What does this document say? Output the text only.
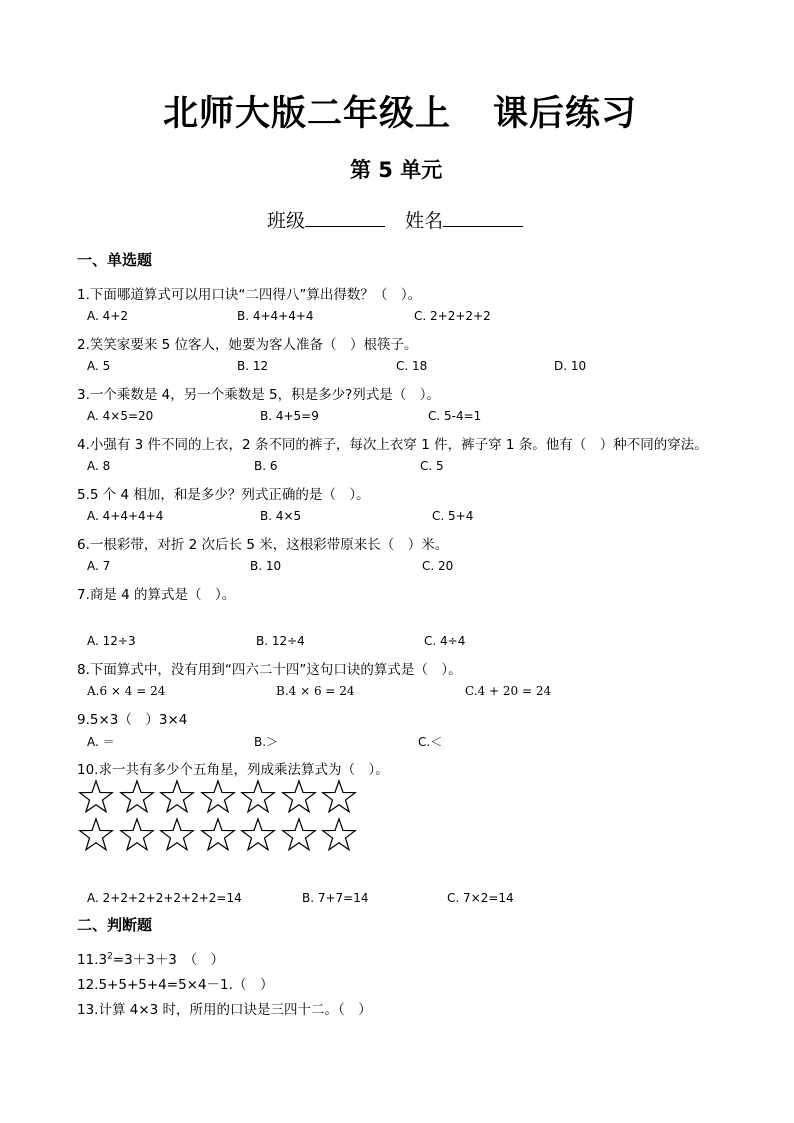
北师大版二年级上 课后练习
第 5 单元
班级	姓名
一、单选题
1.下面哪道算式可以用口诀“二四得八”算出得数？（　）。
A. 4+2	B. 4+4+4+4	C. 2+2+2+2
2.笑笑家要来 5 位客人，她要为客人准备（　）根筷子。
A. 5	B. 12	C. 18	D. 10
3.一个乘数是 4，另一个乘数是 5，积是多少?列式是（　）。
A. 4×5=20	B. 4+5=9	C. 5-4=1
4.小强有 3 件不同的上衣，2 条不同的裤子，每次上衣穿 1 件，裤子穿 1 条。他有（　）种不同的穿法。
A. 8	B. 6	C. 5
5.5 个 4 相加，和是多少？列式正确的是（　）。
A. 4+4+4+4	B. 4×5	C. 5+4
6.一根彩带，对折 2 次后长 5 米，这根彩带原来长（　）米。
A. 7	B. 10	C. 20
7.商是 4 的算式是（　）。
A. 12÷3	B. 12÷4	C. 4÷4
8.下面算式中，没有用到“四六二十四”这句口诀的算式是（　）。
A.6 × 4 = 24	B.4 × 6 = 24	C.4 + 20 = 24
9.5×3（　）3×4
A. ＝	B.＞	C.＜
10.求一共有多少个五角星，列成乘法算式为（　）。
A. 2+2+2+2+2+2+2=14	B. 7+7=14	C. 7×2=14
二、判断题
$11.3^2=3+3+3$　（　）
12.5+5+5+4=5×4－1.（　）
13.计算 4×3 时，所用的口诀是三四十二。（　）
